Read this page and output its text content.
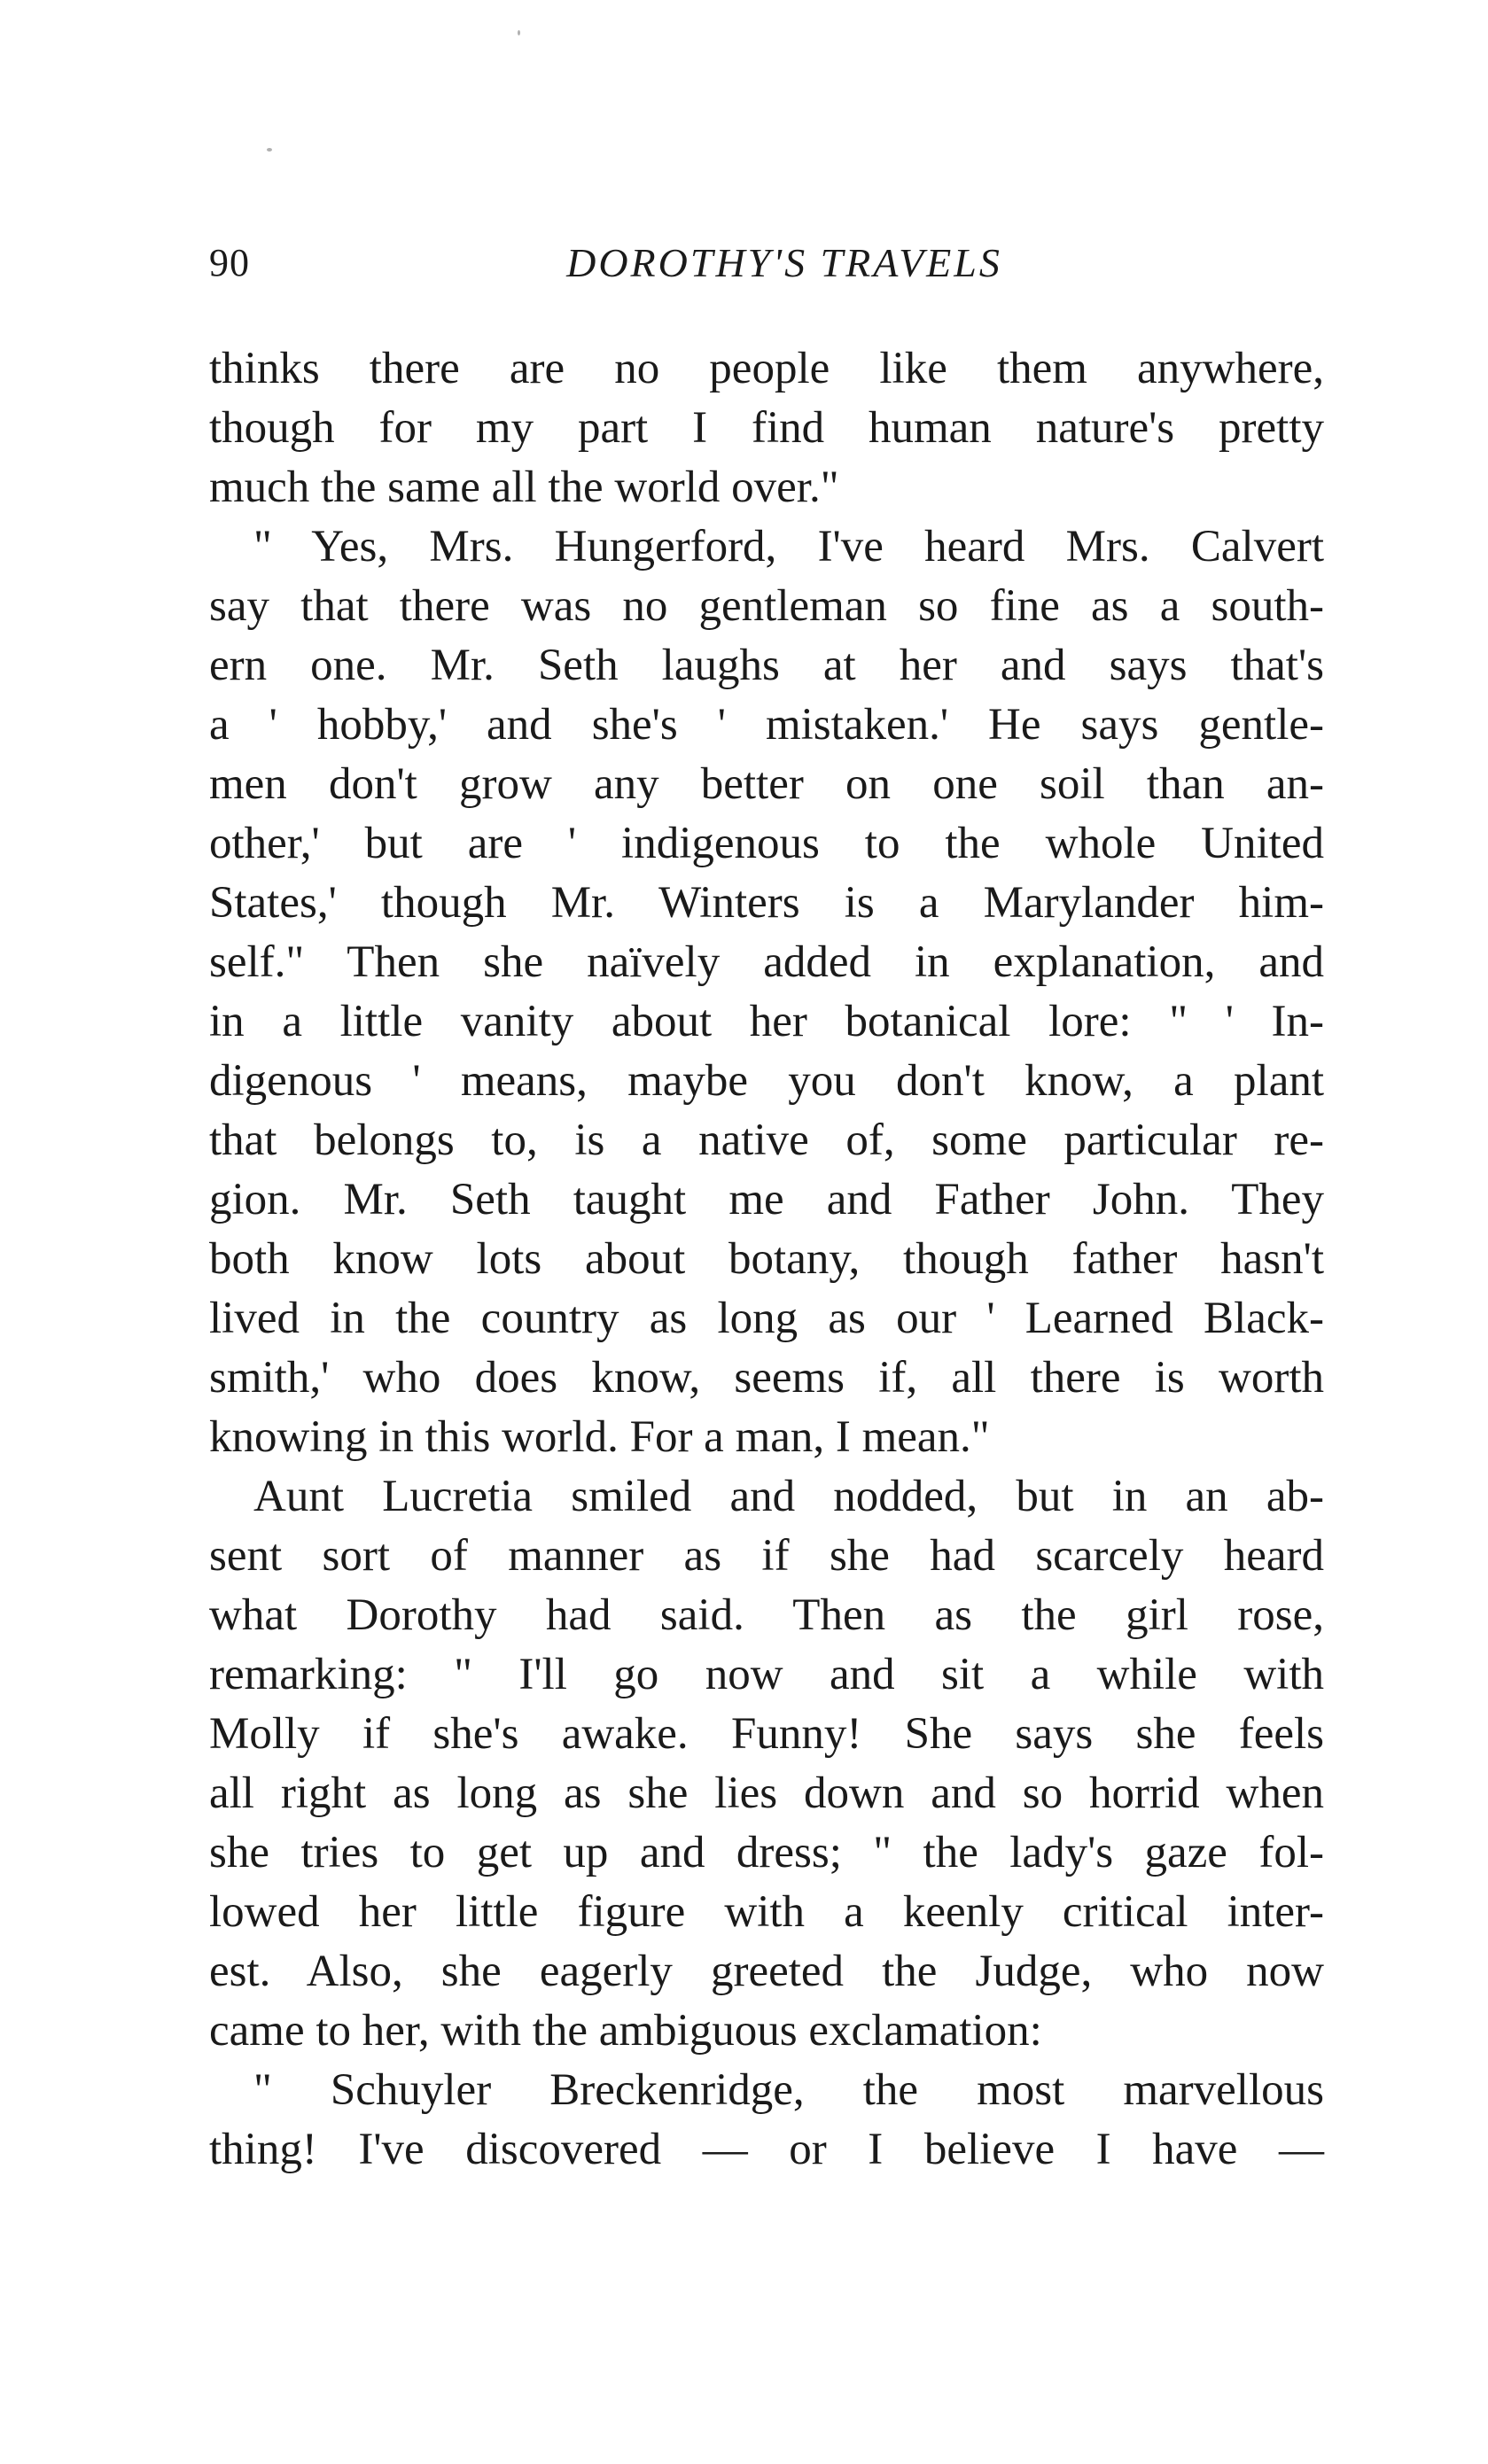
90	DOROTHY'S TRAVELS
thinks there are no people like them anywhere,
though for my part I find human nature's pretty
much the same all the world over."
" Yes, Mrs. Hungerford, I've heard Mrs. Calvert
say that there was no gentleman so fine as a south-
ern one. Mr. Seth laughs at her and says that's
a ' hobby,' and she's ' mistaken.' He says gentle-
men don't grow any better on one soil than an-
other,' but are ' indigenous to the whole United
States,' though Mr. Winters is a Marylander him-
self." Then she naïvely added in explanation, and
in a little vanity about her botanical lore: " ' In-
digenous ' means, maybe you don't know, a plant
that belongs to, is a native of, some particular re-
gion. Mr. Seth taught me and Father John. They
both know lots about botany, though father hasn't
lived in the country as long as our ' Learned Black-
smith,' who does know, seems if, all there is worth
knowing in this world. For a man, I mean."
Aunt Lucretia smiled and nodded, but in an ab-
sent sort of manner as if she had scarcely heard
what Dorothy had said. Then as the girl rose,
remarking: " I'll go now and sit a while with
Molly if she's awake. Funny! She says she feels
all right as long as she lies down and so horrid when
she tries to get up and dress; " the lady's gaze fol-
lowed her little figure with a keenly critical inter-
est. Also, she eagerly greeted the Judge, who now
came to her, with the ambiguous exclamation:
" Schuyler Breckenridge, the most marvellous
thing! I've discovered — or I believe I have —
